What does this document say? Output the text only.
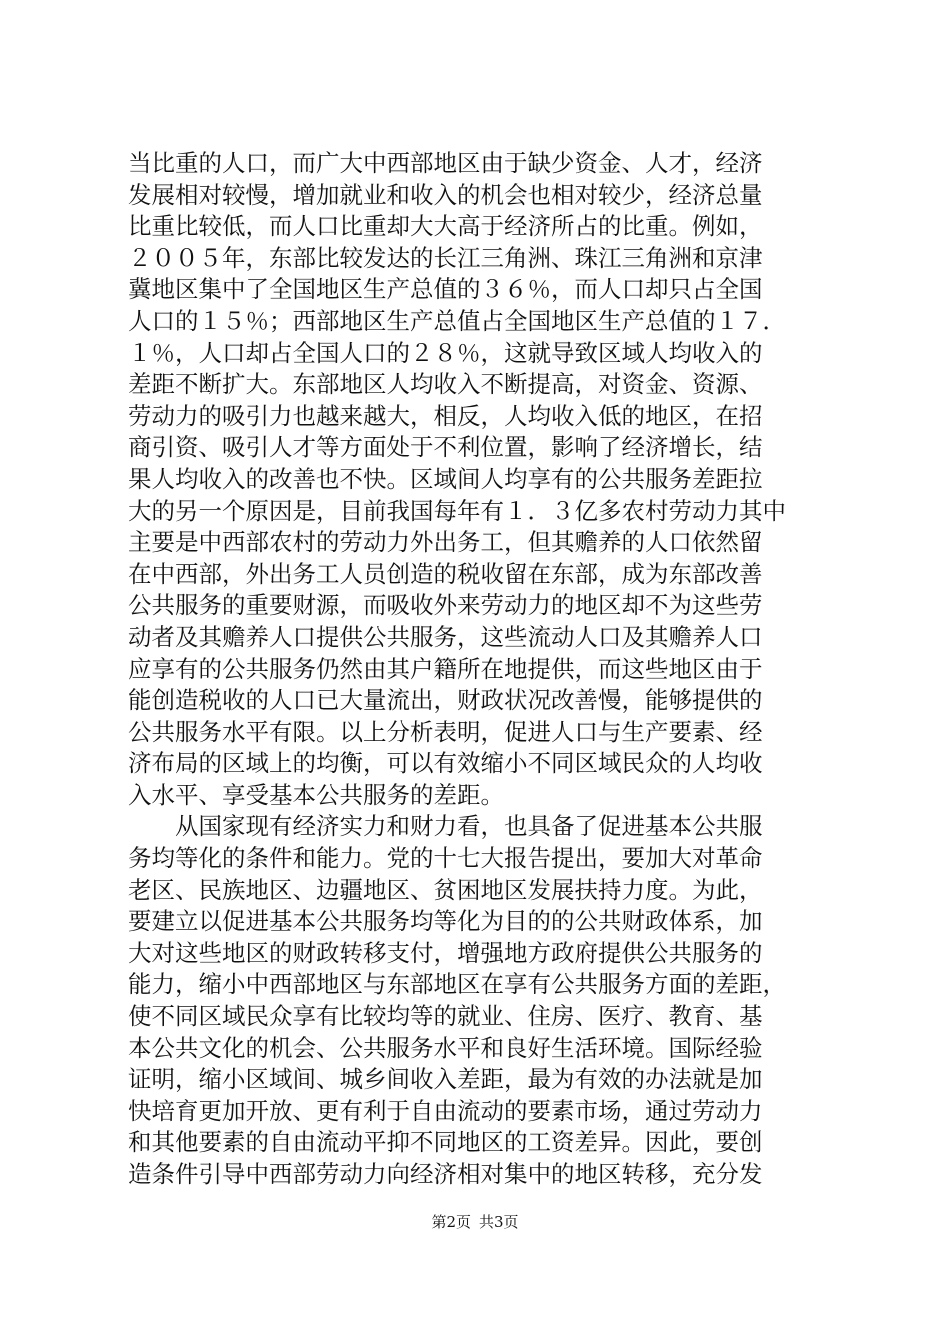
当比重的人口，而广大中西部地区由于缺少资金、人才，经济
发展相对较慢，增加就业和收入的机会也相对较少，经济总量
比重比较低，而人口比重却大大高于经济所占的比重。例如，
２００５年，东部比较发达的长江三角洲、珠江三角洲和京津
冀地区集中了全国地区生产总值的３６％，而人口却只占全国
人口的１５％；西部地区生产总值占全国地区生产总值的１７．
１％，人口却占全国人口的２８％，这就导致区域人均收入的
差距不断扩大。东部地区人均收入不断提高，对资金、资源、
劳动力的吸引力也越来越大，相反，人均收入低的地区，在招
商引资、吸引人才等方面处于不利位置，影响了经济增长，结
果人均收入的改善也不快。区域间人均享有的公共服务差距拉
大的另一个原因是，目前我国每年有１．３亿多农村劳动力其中
主要是中西部农村的劳动力外出务工，但其赡养的人口依然留
在中西部，外出务工人员创造的税收留在东部，成为东部改善
公共服务的重要财源，而吸收外来劳动力的地区却不为这些劳
动者及其赡养人口提供公共服务，这些流动人口及其赡养人口
应享有的公共服务仍然由其户籍所在地提供，而这些地区由于
能创造税收的人口已大量流出，财政状况改善慢，能够提供的
公共服务水平有限。以上分析表明，促进人口与生产要素、经
济布局的区域上的均衡，可以有效缩小不同区域民众的人均收
入水平、享受基本公共服务的差距。
从国家现有经济实力和财力看，也具备了促进基本公共服
务均等化的条件和能力。党的十七大报告提出，要加大对革命
老区、民族地区、边疆地区、贫困地区发展扶持力度。为此，
要建立以促进基本公共服务均等化为目的的公共财政体系，加
大对这些地区的财政转移支付，增强地方政府提供公共服务的
能力，缩小中西部地区与东部地区在享有公共服务方面的差距，
使不同区域民众享有比较均等的就业、住房、医疗、教育、基
本公共文化的机会、公共服务水平和良好生活环境。国际经验
证明，缩小区域间、城乡间收入差距，最为有效的办法就是加
快培育更加开放、更有利于自由流动的要素市场，通过劳动力
和其他要素的自由流动平抑不同地区的工资差异。因此，要创
造条件引导中西部劳动力向经济相对集中的地区转移，充分发
第2页 共3页
